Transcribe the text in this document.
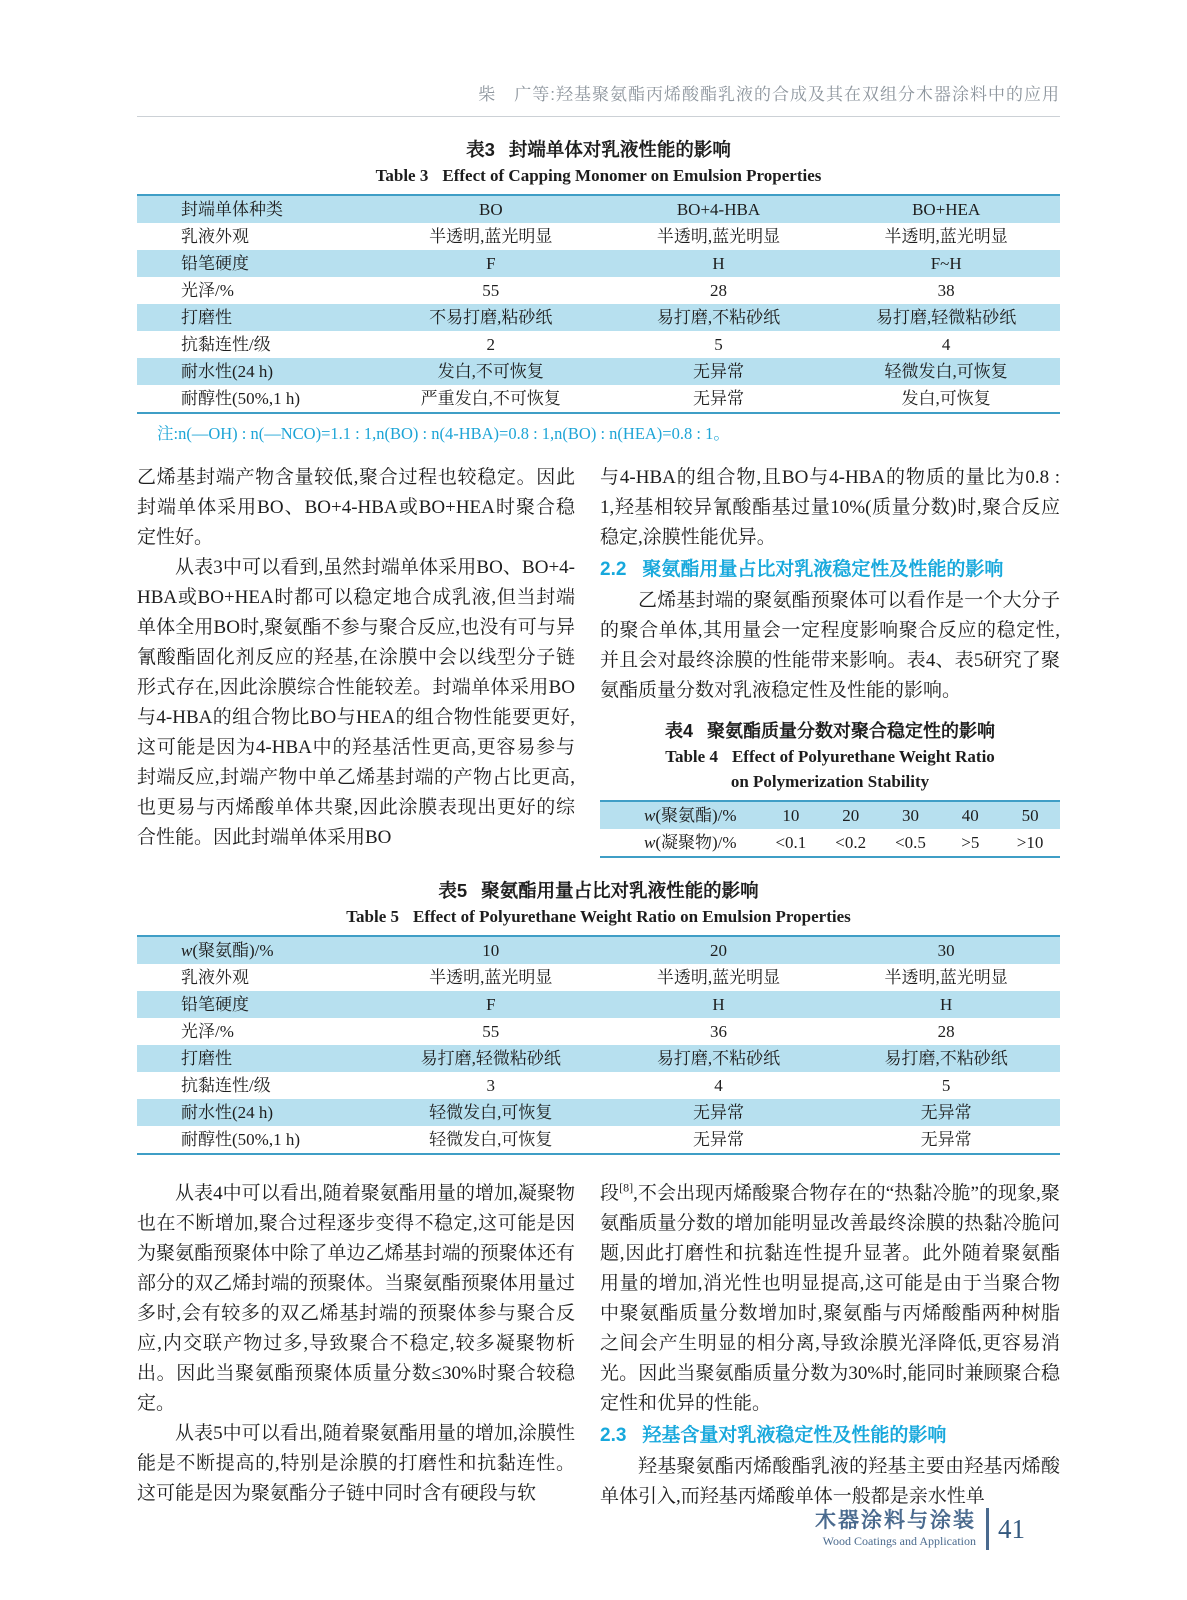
柴　广等:羟基聚氨酯丙烯酸酯乳液的合成及其在双组分木器涂料中的应用
表3 封端单体对乳液性能的影响
Table 3 Effect of Capping Monomer on Emulsion Properties
封端单体种类	BO	BO+4-HBA	BO+HEA
乳液外观	半透明,蓝光明显	半透明,蓝光明显	半透明,蓝光明显
铅笔硬度	F	H	F~H
光泽/%	55	28	38
打磨性	不易打磨,粘砂纸	易打磨,不粘砂纸	易打磨,轻微粘砂纸
抗黏连性/级	2	5	4
耐水性(24 h)	发白,不可恢复	无异常	轻微发白,可恢复
耐醇性(50%,1 h)	严重发白,不可恢复	无异常	发白,可恢复
注:n(—OH) : n(—NCO)=1.1 : 1,n(BO) : n(4-HBA)=0.8 : 1,n(BO) : n(HEA)=0.8 : 1。

乙烯基封端产物含量较低,聚合过程也较稳定。因此封端单体采用BO、BO+4-HBA或BO+HEA时聚合稳定性好。

从表3中可以看到,虽然封端单体采用BO、BO+4-HBA或BO+HEA时都可以稳定地合成乳液,但当封端单体全用BO时,聚氨酯不参与聚合反应,也没有可与异氰酸酯固化剂反应的羟基,在涂膜中会以线型分子链形式存在,因此涂膜综合性能较差。封端单体采用BO与4-HBA的组合物比BO与HEA的组合物性能要更好,这可能是因为4-HBA中的羟基活性更高,更容易参与封端反应,封端产物中单乙烯基封端的产物占比更高,也更易与丙烯酸单体共聚,因此涂膜表现出更好的综合性能。因此封端单体采用BO

与4-HBA的组合物,且BO与4-HBA的物质的量比为0.8 : 1,羟基相较异氰酸酯基过量10%(质量分数)时,聚合反应稳定,涂膜性能优异。

2.2 聚氨酯用量占比对乳液稳定性及性能的影响

乙烯基封端的聚氨酯预聚体可以看作是一个大分子的聚合单体,其用量会一定程度影响聚合反应的稳定性,并且会对最终涂膜的性能带来影响。表4、表5研究了聚氨酯质量分数对乳液稳定性及性能的影响。

表4 聚氨酯质量分数对聚合稳定性的影响
Table 4 Effect of Polyurethane Weight Ratio on Polymerization Stability
w(聚氨酯)/%	10	20	30	40	50
w(凝聚物)/%	<0.1	<0.2	<0.5	>5	>10
表5 聚氨酯用量占比对乳液性能的影响
Table 5 Effect of Polyurethane Weight Ratio on Emulsion Properties
w(聚氨酯)/%	10	20	30
乳液外观	半透明,蓝光明显	半透明,蓝光明显	半透明,蓝光明显
铅笔硬度	F	H	H
光泽/%	55	36	28
打磨性	易打磨,轻微粘砂纸	易打磨,不粘砂纸	易打磨,不粘砂纸
抗黏连性/级	3	4	5
耐水性(24 h)	轻微发白,可恢复	无异常	无异常
耐醇性(50%,1 h)	轻微发白,可恢复	无异常	无异常

从表4中可以看出,随着聚氨酯用量的增加,凝聚物也在不断增加,聚合过程逐步变得不稳定,这可能是因为聚氨酯预聚体中除了单边乙烯基封端的预聚体还有部分的双乙烯封端的预聚体。当聚氨酯预聚体用量过多时,会有较多的双乙烯基封端的预聚体参与聚合反应,内交联产物过多,导致聚合不稳定,较多凝聚物析出。因此当聚氨酯预聚体质量分数≤30%时聚合较稳定。

从表5中可以看出,随着聚氨酯用量的增加,涂膜性能是不断提高的,特别是涂膜的打磨性和抗黏连性。这可能是因为聚氨酯分子链中同时含有硬段与软

段[8],不会出现丙烯酸聚合物存在的“热黏冷脆”的现象,聚氨酯质量分数的增加能明显改善最终涂膜的热黏冷脆问题,因此打磨性和抗黏连性提升显著。此外随着聚氨酯用量的增加,消光性也明显提高,这可能是由于当聚合物中聚氨酯质量分数增加时,聚氨酯与丙烯酸酯两种树脂之间会产生明显的相分离,导致涂膜光泽降低,更容易消光。因此当聚氨酯质量分数为30%时,能同时兼顾聚合稳定性和优异的性能。

2.3 羟基含量对乳液稳定性及性能的影响

羟基聚氨酯丙烯酸酯乳液的羟基主要由羟基丙烯酸单体引入,而羟基丙烯酸单体一般都是亲水性单

木器涂料与涂装
Wood Coatings and Application 41
